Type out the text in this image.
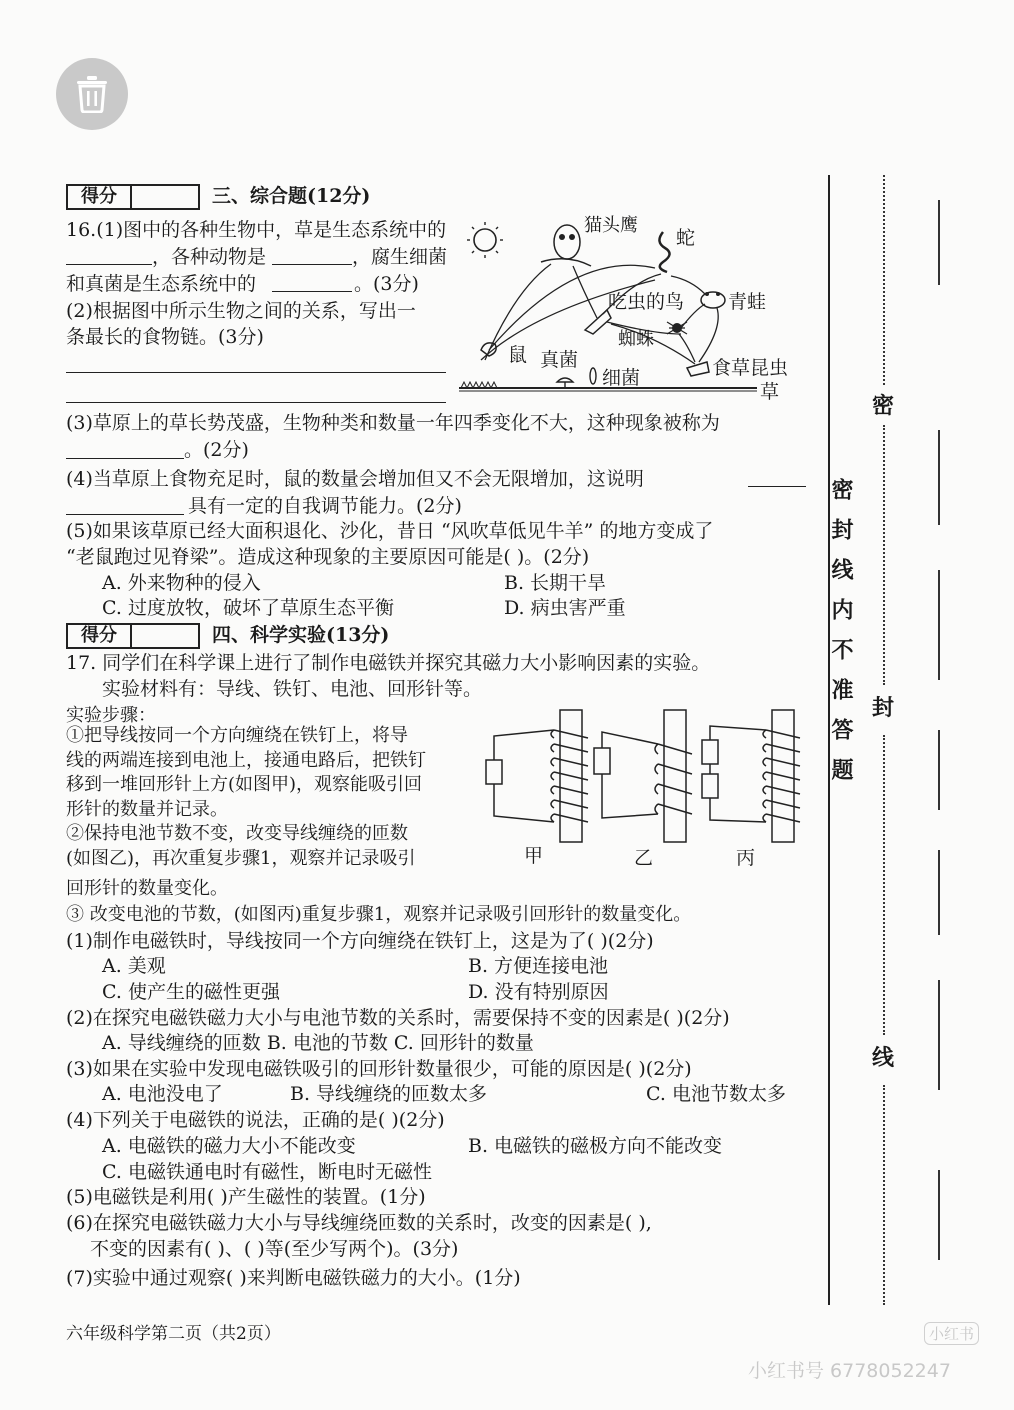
得分	三、综合题(12分)
16.(1)图中的各种生物中，草是生态系统中的
，各种动物是	，腐生细菌
和真菌是生态系统中的	。(3分)
(2)根据图中所示生物之间的关系，写出一
条最长的食物链。(3分)
猫头鹰
蛇
吃虫的鸟 青蛙
蜘蛛
鼠 真菌
细菌	食草昆虫
草
(3)草原上的草长势茂盛，生物种类和数量一年四季变化不大，这种现象被称为
。(2分)
(4)当草原上食物充足时，鼠的数量会增加但又不会无限增加，这说明
具有一定的自我调节能力。(2分)
(5)如果该草原已经大面积退化、沙化，昔日 “风吹草低见牛羊” 的地方变成了
“老鼠跑过见脊梁”。造成这种现象的主要原因可能是( )。(2分)
A. 外来物种的侵入	B. 长期干旱
C. 过度放牧，破坏了草原生态平衡	D. 病虫害严重
得分	四、科学实验(13分)
17. 同学们在科学课上进行了制作电磁铁并探究其磁力大小影响因素的实验。
实验材料有：导线、铁钉、电池、回形针等。
实验步骤：
①把导线按同一个方向缠绕在铁钉上，将导
线的两端连接到电池上，接通电路后，把铁钉
移到一堆回形针上方(如图甲)，观察能吸引回
形针的数量并记录。
②保持电池节数不变，改变导线缠绕的匝数
(如图乙)，再次重复步骤1，观察并记录吸引
回形针的数量变化。
③ 改变电池的节数，(如图丙)重复步骤1，观察并记录吸引回形针的数量变化。
甲	乙	丙
(1)制作电磁铁时，导线按同一个方向缠绕在铁钉上，这是为了( )(2分)
A. 美观	B. 方便连接电池
C. 使产生的磁性更强	D. 没有特别原因
(2)在探究电磁铁磁力大小与电池节数的关系时，需要保持不变的因素是( )(2分)
A. 导线缠绕的匝数 B. 电池的节数 C. 回形针的数量
(3)如果在实验中发现电磁铁吸引的回形针数量很少，可能的原因是( )(2分)
A. 电池没电了	B. 导线缠绕的匝数太多	C. 电池节数太多
(4)下列关于电磁铁的说法，正确的是( )(2分)
A. 电磁铁的磁力大小不能改变	B. 电磁铁的磁极方向不能改变
C. 电磁铁通电时有磁性，断电时无磁性
(5)电磁铁是利用( )产生磁性的装置。(1分)
(6)在探究电磁铁磁力大小与导线缠绕匝数的关系时，改变的因素是( ),
不变的因素有( )、( )等(至少写两个)。(3分)
(7)实验中通过观察( )来判断电磁铁磁力的大小。(1分)
六年级科学第二页（共2页）
密
封
线
密封线内不准答题
小红书
小红书号 6778052247
